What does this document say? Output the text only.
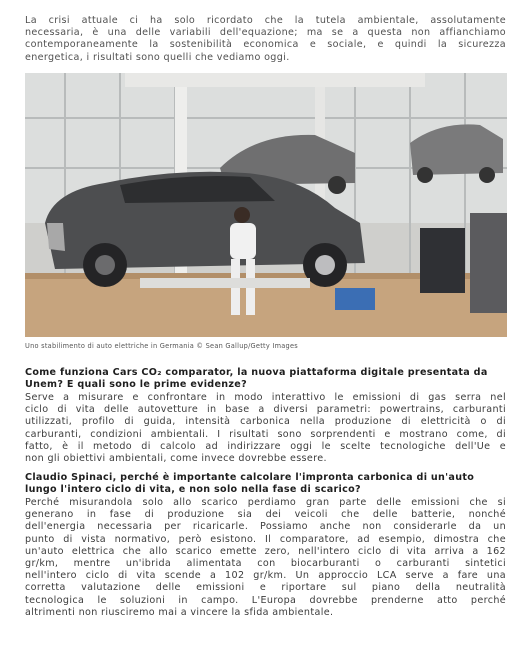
La crisi attuale ci ha solo ricordato che la tutela ambientale, assolutamente
necessaria, è una delle variabili dell'equazione; ma se a questa non affianchiamo
contemporaneamente la sostenibilità economica e sociale, e quindi la sicurezza
energetica, i risultati sono quelli che vediamo oggi.

Uno stabilimento di auto elettriche in Germania © Sean Gallup/Getty Images

Come funziona Cars CO₂ comparator, la nuova piattaforma digitale presentata da
Unem? E quali sono le prime evidenze?

Serve a misurare e confrontare in modo interattivo le emissioni di gas serra nel
ciclo di vita delle autovetture in base a diversi parametri: powertrains, carburanti
utilizzati, profilo di guida, intensità carbonica nella produzione di elettricità o di
carburanti, condizioni ambientali. I risultati sono sorprendenti e mostrano come, di
fatto, è il metodo di calcolo ad indirizzare oggi le scelte tecnologiche dell'Ue e
non gli obiettivi ambientali, come invece dovrebbe essere.

Claudio Spinaci, perché è importante calcolare l'impronta carbonica di un'auto
lungo l'intero ciclo di vita, e non solo nella fase di scarico?

Perché misurandola solo allo scarico perdiamo gran parte delle emissioni che si
generano in fase di produzione sia dei veicoli che delle batterie, nonché
dell'energia necessaria per ricaricarle. Possiamo anche non considerarle da un
punto di vista normativo, però esistono. Il comparatore, ad esempio, dimostra che
un'auto elettrica che allo scarico emette zero, nell'intero ciclo di vita arriva a 162
gr/km, mentre un'ibrida alimentata con biocarburanti o carburanti sintetici
nell'intero ciclo di vita scende a 102 gr/km. Un approccio LCA serve a fare una
corretta valutazione delle emissioni e riportare sul piano della neutralità
tecnologica le soluzioni in campo. L'Europa dovrebbe prenderne atto perché
altrimenti non riusciremo mai a vincere la sfida ambientale.
